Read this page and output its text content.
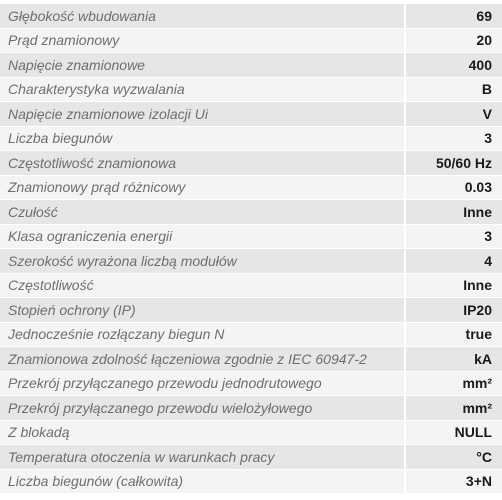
Głębokość wbudowania	69
Prąd znamionowy	20
Napięcie znamionowe	400
Charakterystyka wyzwalania	B
Napięcie znamionowe izolacji Ui	V
Liczba biegunów	3
Częstotliwość znamionowa	50/60 Hz
Znamionowy prąd różnicowy	0.03
Czułość	Inne
Klasa ograniczenia energii	3
Szerokość wyrażona liczbą modułów	4
Częstotliwość	Inne
Stopień ochrony (IP)	IP20
Jednocześnie rozłączany biegun N	true
Znamionowa zdolność łączeniowa zgodnie z IEC 60947-2	kA
Przekrój przyłączanego przewodu jednodrutowego	mm²
Przekrój przyłączanego przewodu wielożyłowego	mm²
Z blokadą	NULL
Temperatura otoczenia w warunkach pracy	°C
Liczba biegunów (całkowita)	3+N
